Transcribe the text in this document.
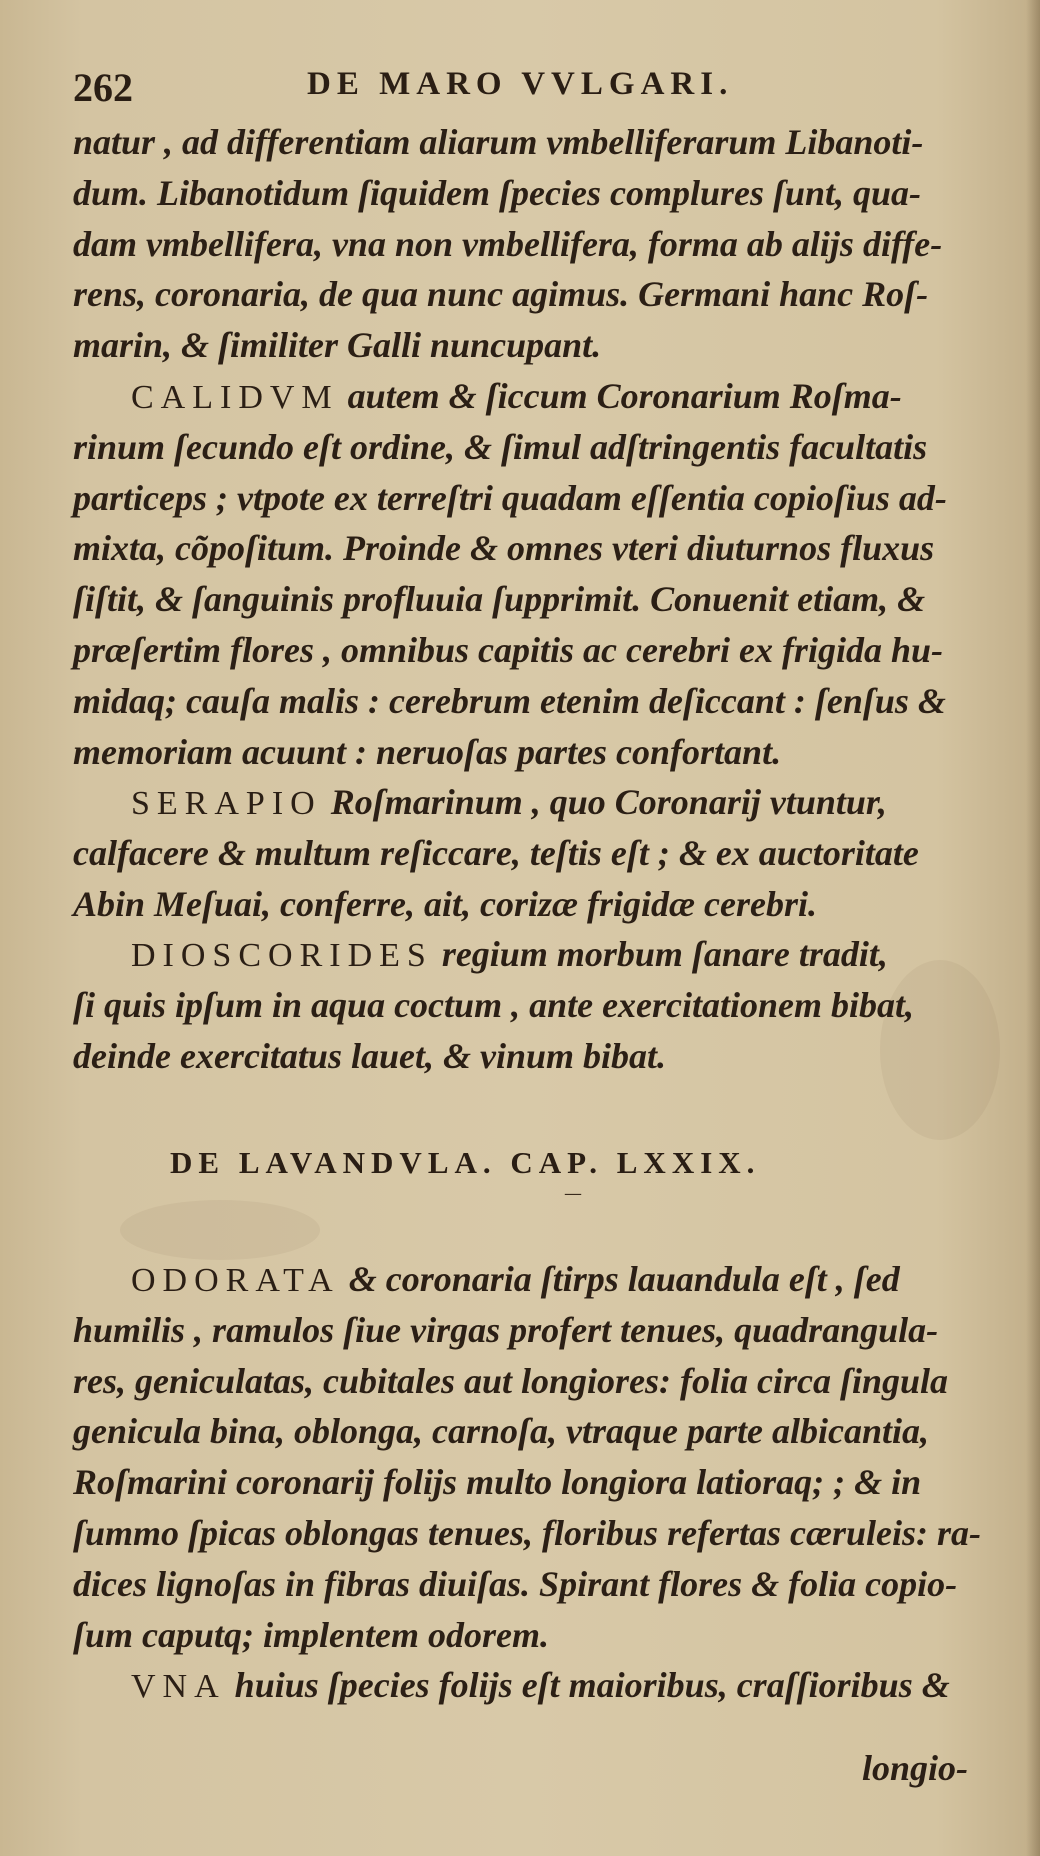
262	DE MARO VVLGARI.
natur , ad differentiam aliarum vmbelliferarum Libanoti-
dum. Libanotidum ſiquidem ſpecies complures ſunt, qua-
dam vmbellifera, vna non vmbellifera, forma ab alijs diffe-
rens, coronaria, de qua nunc agimus. Germani hanc Roſ-
marin, & ſimiliter Galli nuncupant.
CALIDVM autem & ſiccum Coronarium Roſma-
rinum ſecundo eſt ordine, & ſimul adſtringentis facultatis
particeps ; vtpote ex terreſtri quadam eſſentia copioſius ad-
mixta, cõpoſitum. Proinde & omnes vteri diuturnos fluxus
ſiſtit, & ſanguinis profluuia ſupprimit. Conuenit etiam, &
præſertim flores , omnibus capitis ac cerebri ex frigida hu-
midaq; cauſa malis : cerebrum etenim deſiccant : ſenſus &
memoriam acuunt : neruoſas partes confortant.
SERAPIO Roſmarinum , quo Coronarij vtuntur,
calfacere & multum reſiccare, teſtis eſt ; & ex auctoritate
Abin Meſuai, conferre, ait, corizæ frigidæ cerebri.
DIOSCORIDES regium morbum ſanare tradit,
ſi quis ipſum in aqua coctum , ante exercitationem bibat,
deinde exercitatus lauet, & vinum bibat.
DE LAVANDVLA. CAP. LXXIX.
—
ODORATA & coronaria ſtirps lauandula eſt , ſed
humilis , ramulos ſiue virgas profert tenues, quadrangula-
res, geniculatas, cubitales aut longiores: folia circa ſingula
genicula bina, oblonga, carnoſa, vtraque parte albicantia,
Roſmarini coronarij folijs multo longiora latioraq; ; & in
ſummo ſpicas oblongas tenues, floribus refertas cæruleis: ra-
dices lignoſas in fibras diuiſas. Spirant flores & folia copio-
ſum caputq; implentem odorem.
VNA huius ſpecies folijs eſt maioribus, craſſioribus &
longio-
